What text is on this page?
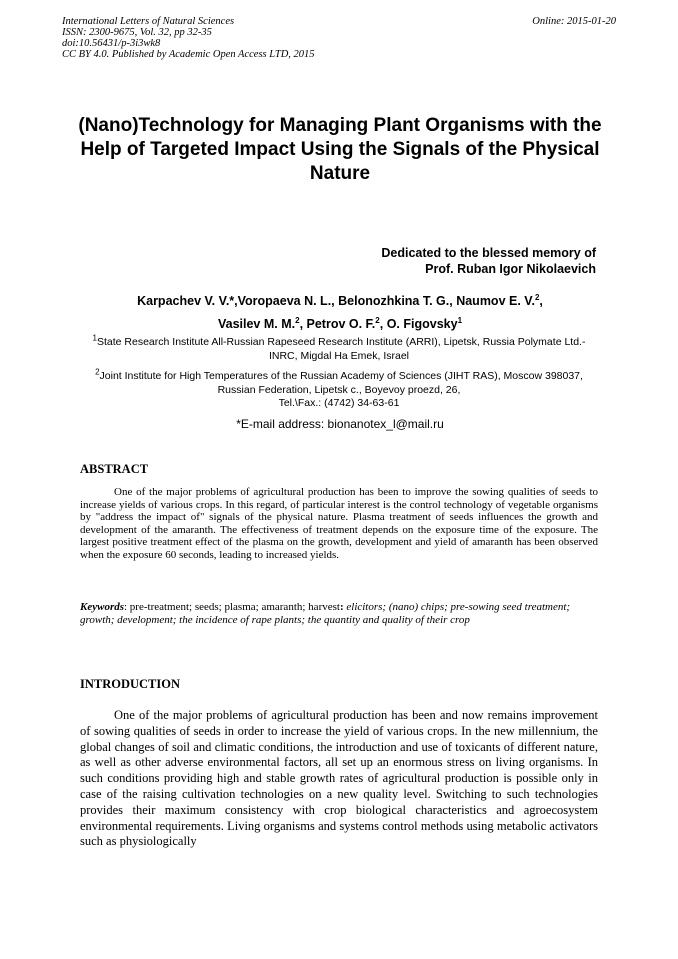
International Letters of Natural Sciences
ISSN: 2300-9675, Vol. 32, pp 32-35
doi:10.56431/p-3i3wk8
CC BY 4.0. Published by Academic Open Access LTD, 2015
Online: 2015-01-20
(Nano)Technology for Managing Plant Organisms with the Help of Targeted Impact Using the Signals of the Physical Nature
Dedicated to the blessed memory of
Prof. Ruban Igor Nikolaevich
Karpachev V. V.*,Voropaeva N. L., Belonozhkina T. G., Naumov E. V.$^2$,
Vasilev M. M.$^2$, Petrov O. F.$^2$, O. Figovsky$^1$
$^1$State Research Institute All-Russian Rapeseed Research Institute (ARRI), Lipetsk, Russia Polymate Ltd.-INRC, Migdal Ha Emek, Israel
$^2$Joint Institute for High Temperatures of the Russian Academy of Sciences (JIHT RAS), Moscow 398037, Russian Federation, Lipetsk c., Boyevoy proezd, 26,
Tel.\Fax.: (4742) 34-63-61
*E-mail address: bionanotex_l@mail.ru
ABSTRACT

One of the major problems of agricultural production has been to improve the sowing qualities of seeds to increase yields of various crops. In this regard, of particular interest is the control technology of vegetable organisms by "address the impact of" signals of the physical nature. Plasma treatment of seeds influences the growth and development of the amaranth. The effectiveness of treatment depends on the exposure time of the exposure. The largest positive treatment effect of the plasma on the growth, development and yield of amaranth has been observed when the exposure 60 seconds, leading to increased yields.

Keywords: pre-treatment; seeds; plasma; amaranth; harvest: elicitors; (nano) chips; pre-sowing seed treatment; growth; development; the incidence of rape plants; the quantity and quality of their crop

INTRODUCTION

One of the major problems of agricultural production has been and now remains improvement of sowing qualities of seeds in order to increase the yield of various crops. In the new millennium, the global changes of soil and climatic conditions, the introduction and use of toxicants of different nature, as well as other adverse environmental factors, all set up an enormous stress on living organisms. In such conditions providing high and stable growth rates of agricultural production is possible only in case of the raising cultivation technologies on a new quality level. Switching to such technologies provides their maximum consistency with crop biological characteristics and agroecosystem environmental requirements. Living organisms and systems control methods using metabolic activators such as physiologically
